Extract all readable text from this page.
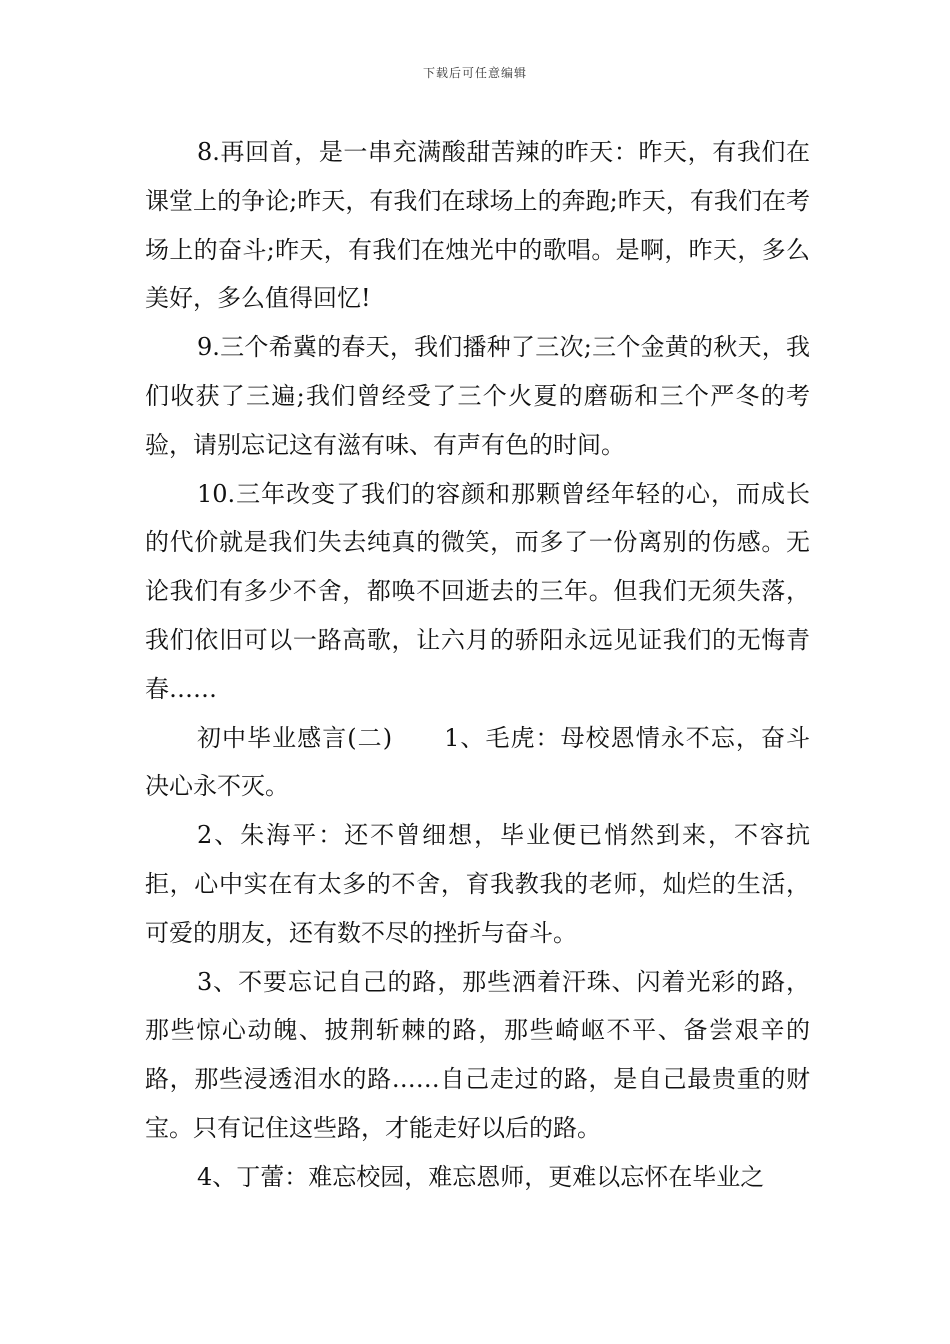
下载后可任意编辑

8.再回首，是一串充满酸甜苦辣的昨天：昨天，有我们在课堂上的争论;昨天，有我们在球场上的奔跑;昨天，有我们在考场上的奋斗;昨天，有我们在烛光中的歌唱。是啊，昨天，多么美好，多么值得回忆!

9.三个希冀的春天，我们播种了三次;三个金黄的秋天，我们收获了三遍;我们曾经受了三个火夏的磨砺和三个严冬的考验，请别忘记这有滋有味、有声有色的时间。

10.三年改变了我们的容颜和那颗曾经年轻的心，而成长的代价就是我们失去纯真的微笑，而多了一份离别的伤感。无论我们有多少不舍，都唤不回逝去的三年。但我们无须失落，我们依旧可以一路高歌，让六月的骄阳永远见证我们的无悔青春……

初中毕业感言(二) 1、毛虎：母校恩情永不忘，奋斗决心永不灭。

2、朱海平：还不曾细想，毕业便已悄然到来，不容抗拒，心中实在有太多的不舍，育我教我的老师，灿烂的生活，可爱的朋友，还有数不尽的挫折与奋斗。

3、不要忘记自己的路，那些洒着汗珠、闪着光彩的路，那些惊心动魄、披荆斩棘的路，那些崎岖不平、备尝艰辛的路，那些浸透泪水的路……自己走过的路，是自己最贵重的财宝。只有记住这些路，才能走好以后的路。

4、丁蕾：难忘校园，难忘恩师，更难以忘怀在毕业之
